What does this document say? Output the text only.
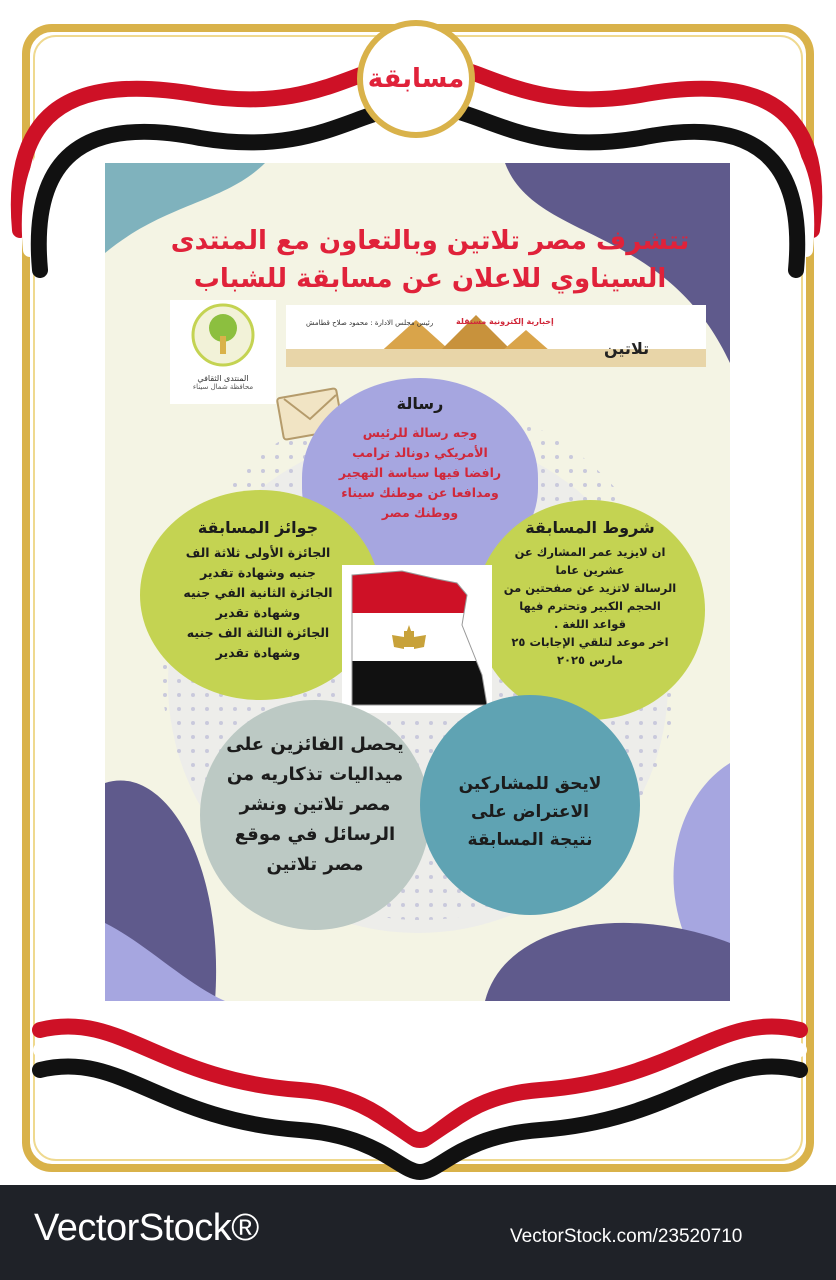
مسابقة
تتشرف مصر تلاتين وبالتعاون مع المنتدى
السيناوي للاعلان عن مسابقة للشباب
المنتدى الثقافي
محافظة شمال سيناء
إخبارية إلكترونية مستقلة
رئيس مجلس الادارة : محمود صلاح قطامش
تلاتين
رسالة
وجه رسالة للرئيس
الأمريكي دونالد ترامب
رافضا فيها سياسة التهجير
ومدافعا عن موطنك سيناء
ووطنك مصر
جوائز المسابقة
الجائزة الأولى ثلاثة الف
جنيه وشهادة تقدير
الجائزة الثانية الفي جنيه
وشهادة تقدير
الجائزة الثالثة الف جنيه
وشهادة تقدير
شروط المسابقة
ان لايزيد عمر المشارك عن
عشرين عاما
الرسالة لاتزيد عن صفحتين من
الحجم الكبير وتحترم فيها
قواعد اللغة .
اخر موعد لتلقي الإجابات ٢٥
مارس ٢٠٢٥
يحصل الفائزين على
ميداليات تذكاريه من
مصر تلاتين ونشر
الرسائل في موقع
مصر تلاتين
لايحق للمشاركين
الاعتراض على
نتيجة المسابقة
VectorStock®	VectorStock.com/23520710
